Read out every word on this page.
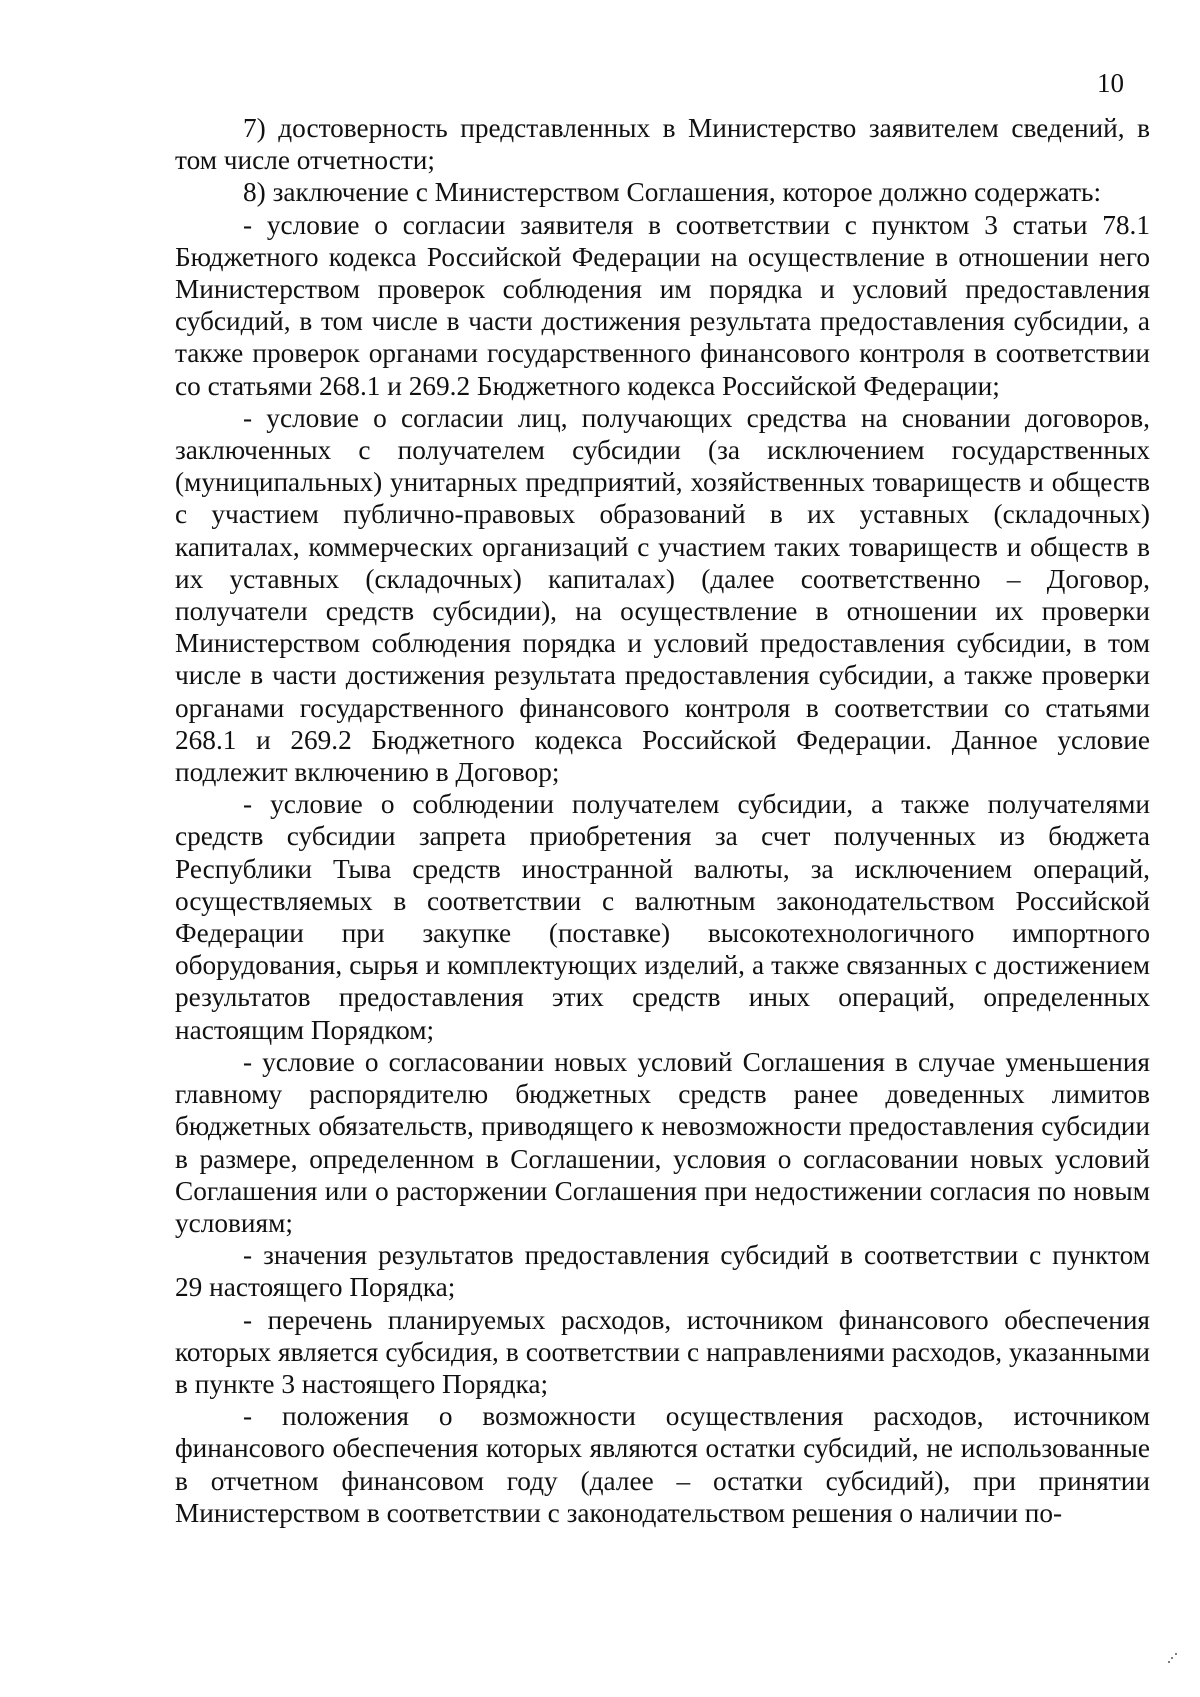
10

7) достоверность представленных в Министерство заявителем сведений, в том числе отчетности;

8) заключение с Министерством Соглашения, которое должно содержать:

- условие о согласии заявителя в соответствии с пунктом 3 статьи 78.1 Бюджетного кодекса Российской Федерации на осуществление в отношении него Министерством проверок соблюдения им порядка и условий предоставления субсидий, в том числе в части достижения результата предоставления субсидии, а также проверок органами государственного финансового контроля в соответствии со статьями 268.1 и 269.2 Бюджетного кодекса Российской Федерации;

- условие о согласии лиц, получающих средства на сновании договоров, заключенных с получателем субсидии (за исключением государственных (муниципальных) унитарных предприятий, хозяйственных товариществ и обществ с участием публично-правовых образований в их уставных (складочных) капиталах, коммерческих организаций с участием таких товариществ и обществ в их уставных (складочных) капиталах) (далее соответственно – Договор, получатели средств субсидии), на осуществление в отношении их проверки Министерством соблюдения порядка и условий предоставления субсидии, в том числе в части достижения результата предоставления субсидии, а также проверки органами государственного финансового контроля в соответствии со статьями 268.1 и 269.2 Бюджетного кодекса Российской Федерации. Данное условие подлежит включению в Договор;

- условие о соблюдении получателем субсидии, а также получателями средств субсидии запрета приобретения за счет полученных из бюджета Республики Тыва средств иностранной валюты, за исключением операций, осуществляемых в соответствии с валютным законодательством Российской Федерации при закупке (поставке) высокотехнологичного импортного оборудования, сырья и комплектующих изделий, а также связанных с достижением результатов предоставления этих средств иных операций, определенных настоящим Порядком;

- условие о согласовании новых условий Соглашения в случае уменьшения главному распорядителю бюджетных средств ранее доведенных лимитов бюджетных обязательств, приводящего к невозможности предоставления субсидии в размере, определенном в Соглашении, условия о согласовании новых условий Соглашения или о расторжении Соглашения при недостижении согласия по новым условиям;

- значения результатов предоставления субсидий в соответствии с пунктом 29 настоящего Порядка;

- перечень планируемых расходов, источником финансового обеспечения которых является субсидия, в соответствии с направлениями расходов, указанными в пункте 3 настоящего Порядка;

- положения о возможности осуществления расходов, источником финансового обеспечения которых являются остатки субсидий, не использованные в отчетном финансовом году (далее – остатки субсидий), при принятии Министерством в соответствии с законодательством решения о наличии по-
